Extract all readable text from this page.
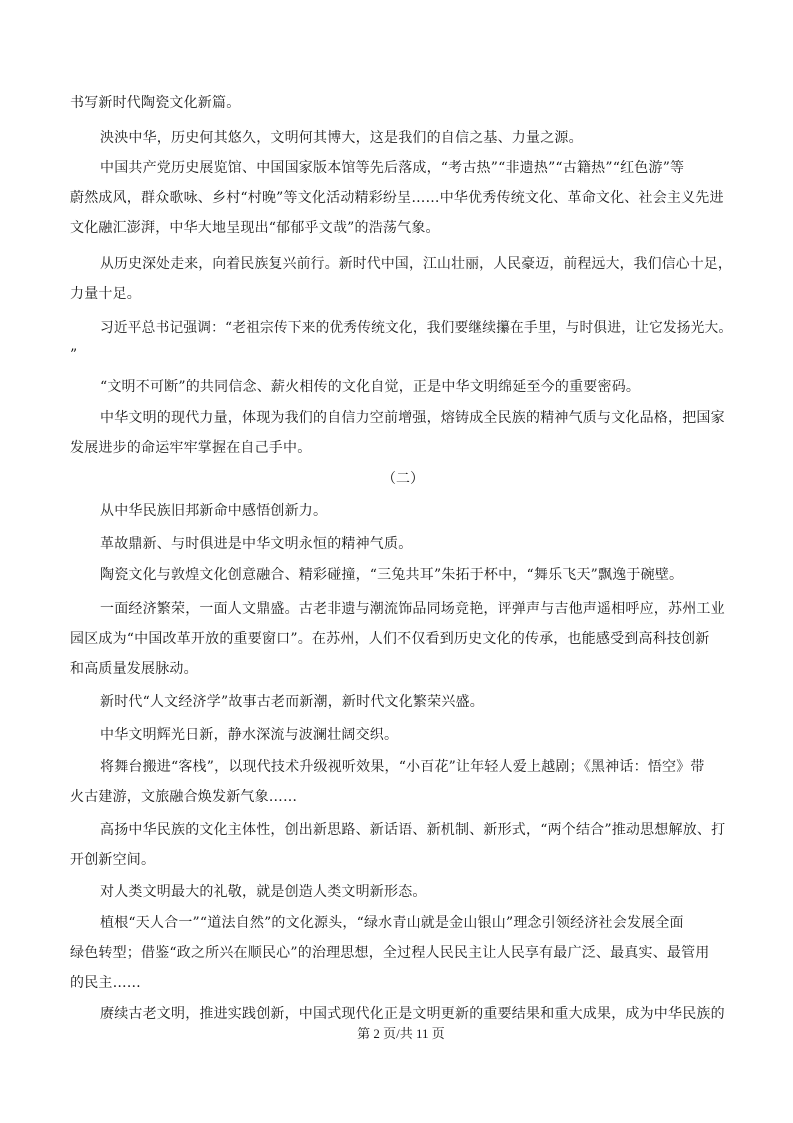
书写新时代陶瓷文化新篇。
泱泱中华，历史何其悠久，文明何其博大，这是我们的自信之基、力量之源。
中国共产党历史展览馆、中国国家版本馆等先后落成，“考古热”“非遗热”“古籍热”“红色游”等
蔚然成风，群众歌咏、乡村“村晚”等文化活动精彩纷呈……中华优秀传统文化、革命文化、社会主义先进
文化融汇澎湃，中华大地呈现出“郁郁乎文哉”的浩荡气象。
从历史深处走来，向着民族复兴前行。新时代中国，江山壮丽，人民豪迈，前程远大，我们信心十足，
力量十足。
习近平总书记强调：“老祖宗传下来的优秀传统文化，我们要继续攥在手里，与时俱进，让它发扬光大。
”
“文明不可断”的共同信念、薪火相传的文化自觉，正是中华文明绵延至今的重要密码。
中华文明的现代力量，体现为我们的自信力空前增强，熔铸成全民族的精神气质与文化品格，把国家
发展进步的命运牢牢掌握在自己手中。
（二）
从中华民族旧邦新命中感悟创新力。
革故鼎新、与时俱进是中华文明永恒的精神气质。
陶瓷文化与敦煌文化创意融合、精彩碰撞，“三兔共耳”朱拓于杯中，“舞乐飞天”飘逸于碗壁。
一面经济繁荣，一面人文鼎盛。古老非遗与潮流饰品同场竞艳，评弹声与吉他声遥相呼应，苏州工业
园区成为“中国改革开放的重要窗口”。在苏州，人们不仅看到历史文化的传承，也能感受到高科技创新
和高质量发展脉动。
新时代“人文经济学”故事古老而新潮，新时代文化繁荣兴盛。
中华文明辉光日新，静水深流与波澜壮阔交织。
将舞台搬进“客栈”，以现代技术升级视听效果，“小百花”让年轻人爱上越剧；《黑神话：悟空》带
火古建游，文旅融合焕发新气象……
高扬中华民族的文化主体性，创出新思路、新话语、新机制、新形式，“两个结合”推动思想解放、打
开创新空间。
对人类文明最大的礼敬，就是创造人类文明新形态。
植根“天人合一”“道法自然”的文化源头，“绿水青山就是金山银山”理念引领经济社会发展全面
绿色转型；借鉴“政之所兴在顺民心”的治理思想，全过程人民民主让人民享有最广泛、最真实、最管用
的民主……
赓续古老文明，推进实践创新，中国式现代化正是文明更新的重要结果和重大成果，成为中华民族的
第 2 页/共 11 页
